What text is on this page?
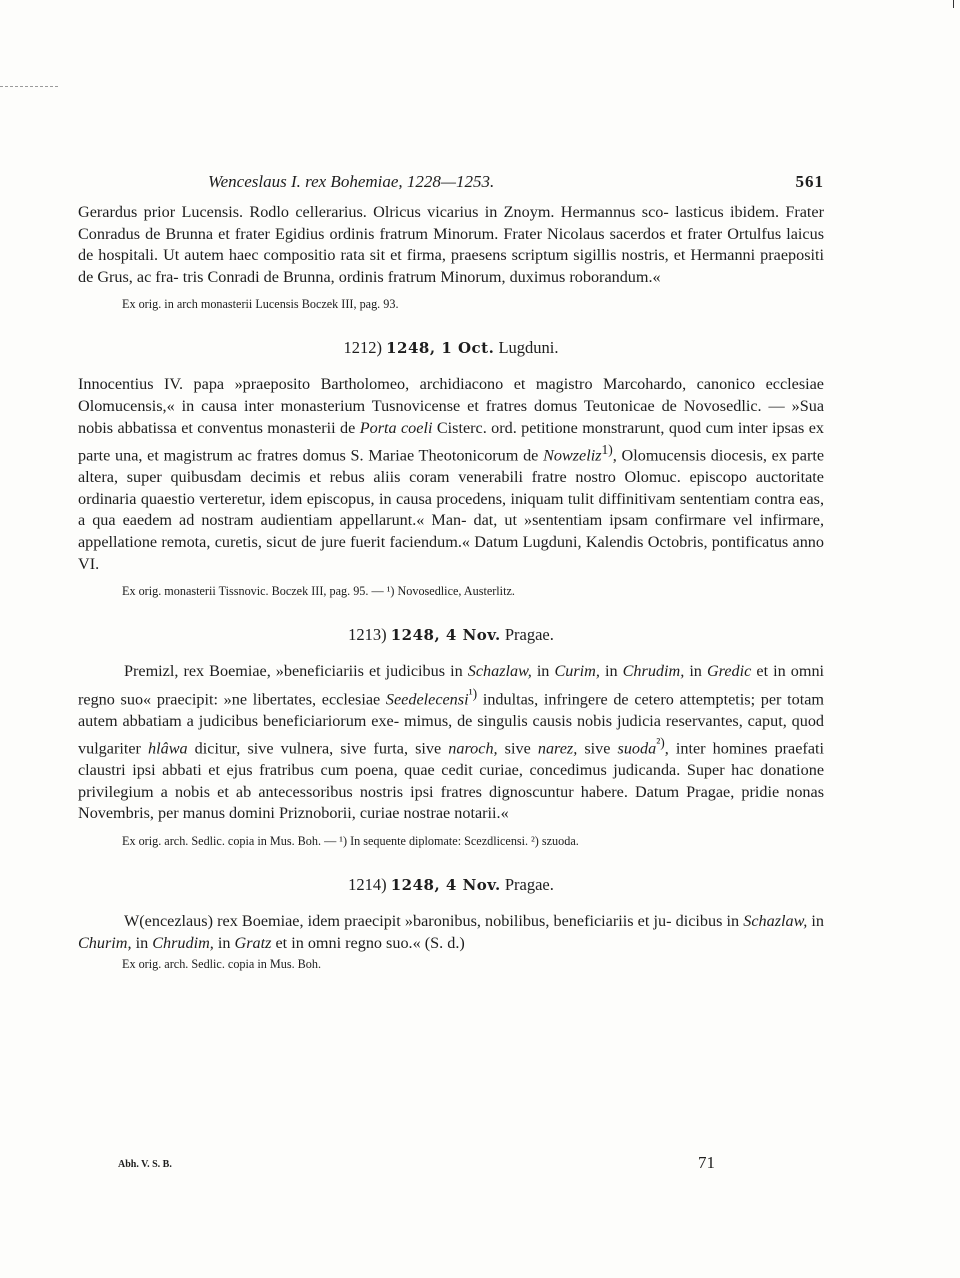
Wenceslaus I. rex Bohemiae, 1228—1253.	561

Gerardus prior Lucensis. Rodlo cellerarius. Olricus vicarius in Znoym. Hermannus sco- lasticus ibidem. Frater Conradus de Brunna et frater Egidius ordinis fratrum Minorum. Frater Nicolaus sacerdos et frater Ortulfus laicus de hospitali. Ut autem haec compositio rata sit et firma, praesens scriptum sigillis nostris, et Hermanni praepositi de Grus, ac fra- tris Conradi de Brunna, ordinis fratrum Minorum, duximus roborandum.«

Ex orig. in arch monasterii Lucensis Boczek III, pag. 93.
1212) 1248, 1 Oct. Lugduni.

Innocentius IV. papa »praeposito Bartholomeo, archidiacono et magistro Marcohardo, canonico ecclesiae Olomucensis,« in causa inter monasterium Tusnovicense et fratres domus Teutonicae de Novosedlic. — »Sua nobis abbatissa et conventus monasterii de Porta coeli Cisterc. ord. petitione monstrarunt, quod cum inter ipsas ex parte una, et magistrum ac fratres domus S. Mariae Theotonicorum de Nowzeliz$^{1)}$, Olomucensis diocesis, ex parte altera, super quibusdam decimis et rebus aliis coram venerabili fratre nostro Olomuc. episcopo auctoritate ordinaria quaestio verteretur, idem episcopus, in causa procedens, iniquam tulit diffinitivam sententiam contra eas, a qua eaedem ad nostram audientiam appellarunt.« Man- dat, ut »sententiam ipsam confirmare vel infirmare, appellatione remota, curetis, sicut de jure fuerit faciendum.« Datum Lugduni, Kalendis Octobris, pontificatus anno VI.

Ex orig. monasterii Tissnovic. Boczek III, pag. 95. — ¹) Novosedlice, Austerlitz.
1213) 1248, 4 Nov. Pragae.

Premizl, rex Boemiae, »beneficiariis et judicibus in Schazlaw, in Curim, in Chrudim, in Gredic et in omni regno suo« praecipit: »ne libertates, ecclesiae Seedelecensi$^{^1)}$ indultas, infringere de cetero attemptetis; per totam autem abbatiam a judicibus beneficiariorum exe- mimus, de singulis causis nobis judicia reservantes, caput, quod vulgariter hlâwa dicitur, sive vulnera, sive furta, sive naroch, sive narez, sive suoda$^{^2)}$, inter homines praefati claustri ipsi abbati et ejus fratribus cum poena, quae cedit curiae, concedimus judicanda. Super hac donatione privilegium a nobis et ab antecessoribus nostris ipsi fratres dignoscuntur habere. Datum Pragae, pridie nonas Novembris, per manus domini Priznoborii, curiae nostrae notarii.«

Ex orig. arch. Sedlic. copia in Mus. Boh. — ¹) In sequente diplomate: Scezdlicensi. ²) szuoda.
1214) 1248, 4 Nov. Pragae.

W(encezlaus) rex Boemiae, idem praecipit »baronibus, nobilibus, beneficiariis et ju- dicibus in Schazlaw, in Churim, in Chrudim, in Gratz et in omni regno suo.« (S. d.)

Ex orig. arch. Sedlic. copia in Mus. Boh.
Abh. V. S. B.	71
